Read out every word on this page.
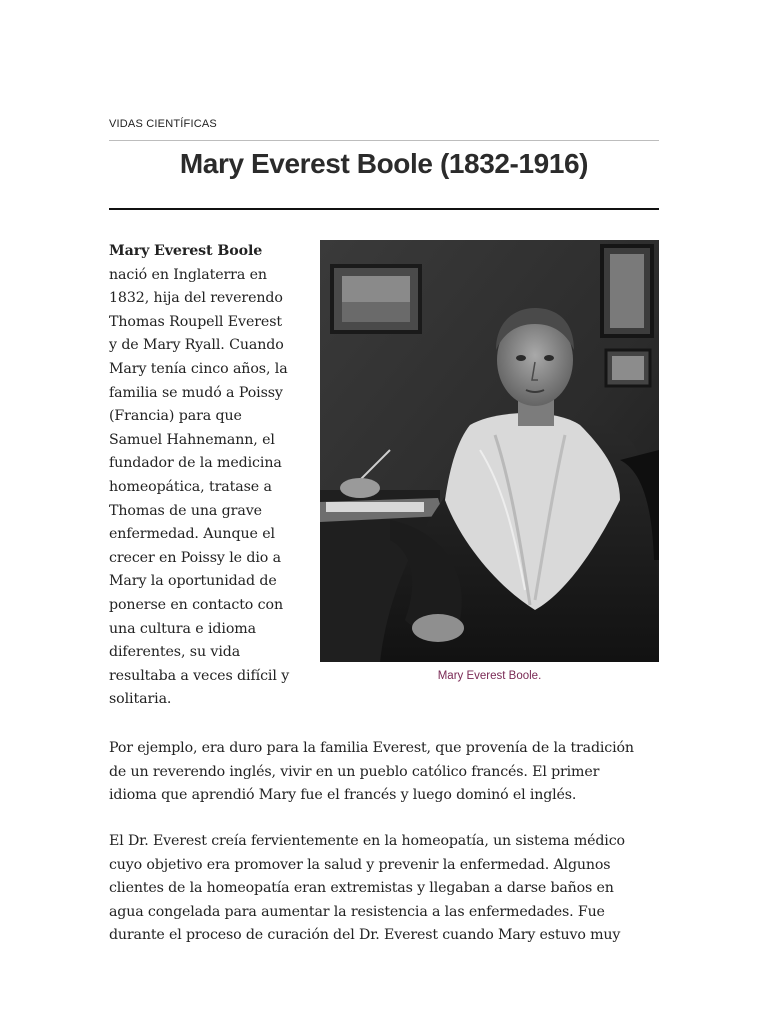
VIDAS CIENTÍFICAS
Mary Everest Boole (1832-1916)
Mary Everest Boole
nació en Inglaterra en
1832, hija del reverendo
Thomas Roupell Everest
y de Mary Ryall. Cuando
Mary tenía cinco años, la
familia se mudó a Poissy
(Francia) para que
Samuel Hahnemann, el
fundador de la medicina
homeopática, tratase a
Thomas de una grave
enfermedad. Aunque el
crecer en Poissy le dio a
Mary la oportunidad de
ponerse en contacto con
una cultura e idioma
diferentes, su vida
resultaba a veces difícil y
solitaria.
Mary Everest Boole.

Por ejemplo, era duro para la familia Everest, que provenía de la tradición
de un reverendo inglés, vivir en un pueblo católico francés. El primer
idioma que aprendió Mary fue el francés y luego dominó el inglés.

El Dr. Everest creía fervientemente en la homeopatía, un sistema médico
cuyo objetivo era promover la salud y prevenir la enfermedad. Algunos
clientes de la homeopatía eran extremistas y llegaban a darse baños en
agua congelada para aumentar la resistencia a las enfermedades. Fue
durante el proceso de curación del Dr. Everest cuando Mary estuvo muy
